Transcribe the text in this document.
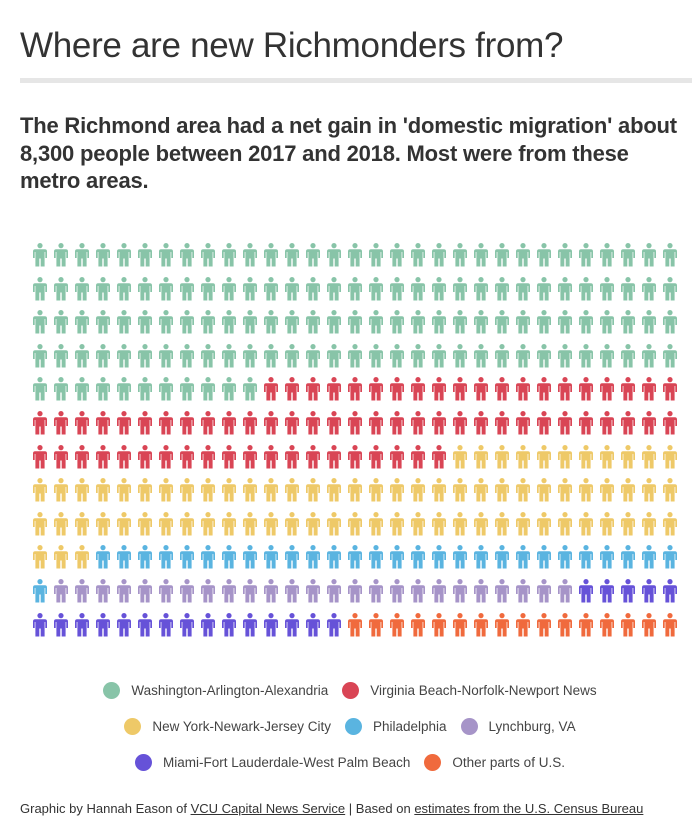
Where are new Richmonders from?

The Richmond area had a net gain in 'domestic migration' about 8,300 people between 2017 and 2018. Most were from these metro areas.

Washington-Arlington-Alexandria	Virginia Beach-Norfolk-Newport News
New York-Newark-Jersey City	Philadelphia	Lynchburg, VA
Miami-Fort Lauderdale-West Palm Beach	Other parts of U.S.
Graphic by Hannah Eason of VCU Capital News Service | Based on estimates from the U.S. Census Bureau
